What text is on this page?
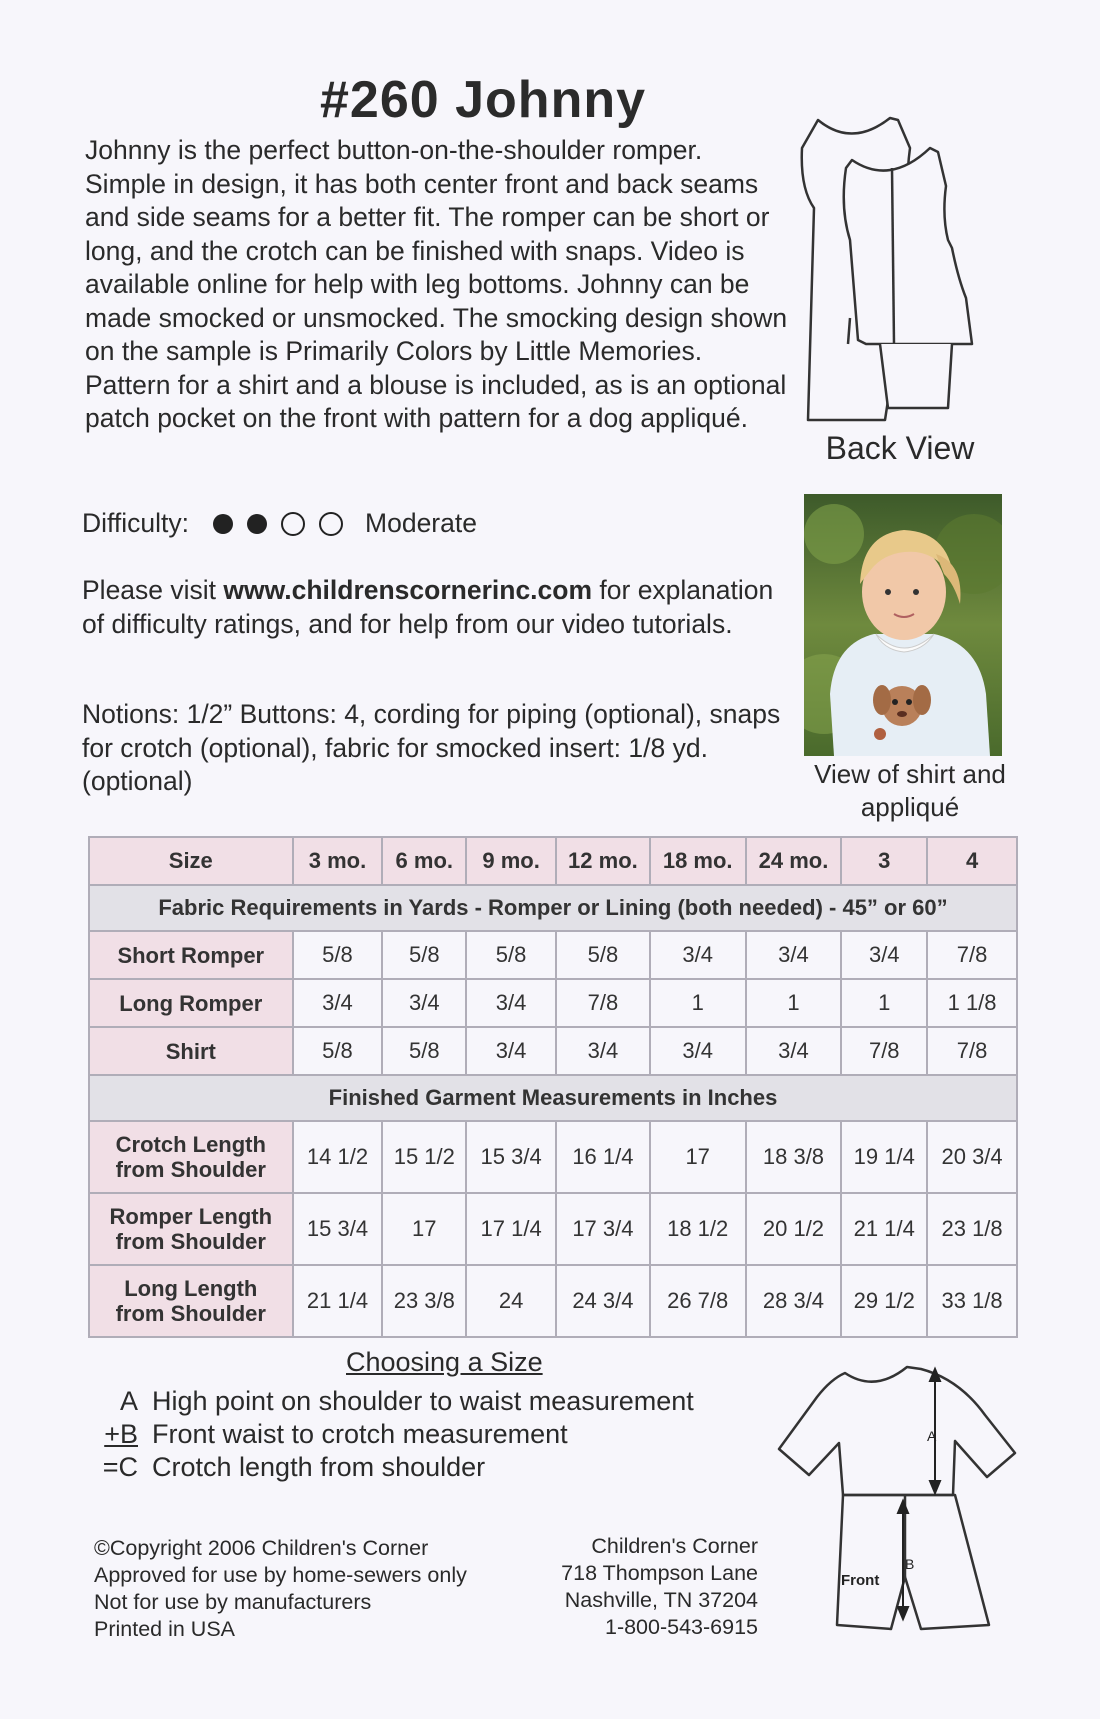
#260 Johnny
Johnny is the perfect button-on-the-shoulder romper. Simple in design, it has both center front and back seams and side seams for a better fit. The romper can be short or long, and the crotch can be finished with snaps. Video is available online for help with leg bottoms. Johnny can be made smocked or unsmocked. The smocking design shown on the sample is Primarily Colors by Little Memories. Pattern for a shirt and a blouse is included, as is an optional patch pocket on the front with pattern for a dog appliqué.
Difficulty:	Moderate
Please visit www.childrenscornerinc.com for explanation of difficulty ratings, and for help from our video tutorials.
Notions: 1/2” Buttons: 4, cording for piping (optional), snaps for crotch (optional), fabric for smocked insert: 1/8 yd. (optional)
Back View
View of shirt and appliqué
Size	3 mo.	6 mo.	9 mo.	12 mo.	18 mo.	24 mo.	3	4
Fabric Requirements in Yards - Romper or Lining (both needed) - 45” or 60”								
Short Romper	5/8	5/8	5/8	5/8	3/4	3/4	3/4	7/8
Long Romper	3/4	3/4	3/4	7/8	1	1	1	1 1/8
Shirt	5/8	5/8	3/4	3/4	3/4	3/4	7/8	7/8
Finished Garment Measurements in Inches								

Crotch Length
from Shoulder	14 1/2	15 1/2	15 3/4	16 1/4	17	18 3/8	19 1/4	20 3/4

Romper Length
from Shoulder	15 3/4	17	17 1/4	17 3/4	18 1/2	20 1/2	21 1/4	23 1/8

Long Length
from Shoulder	21 1/4	23 3/8	24	24 3/4	26 7/8	28 3/4	29 1/2	33 1/8
Choosing a Size
A High point on shoulder to waist measurement
+B Front waist to crotch measurement
=C Crotch length from shoulder
A
B
Front
©Copyright 2006 Children's Corner
Approved for use by home-sewers only
Not for use by manufacturers
Printed in USA
Children's Corner
718 Thompson Lane
Nashville, TN 37204
1-800-543-6915
